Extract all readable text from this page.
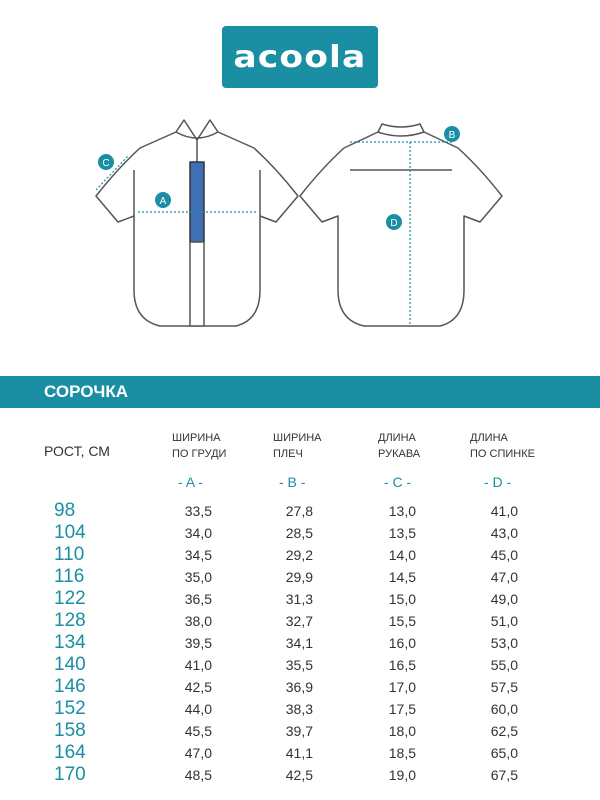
acoola
A
C
B
D
СОРОЧКА
РОСТ, СМ
ШИРИНА
ПО ГРУДИ
ШИРИНА
ПЛЕЧ
ДЛИНА
РУКАВА
ДЛИНА
ПО СПИНКЕ
- A -	- B -	- C -	- D -
98	33,5	27,8	13,0	41,0
104	34,0	28,5	13,5	43,0
110	34,5	29,2	14,0	45,0
116	35,0	29,9	14,5	47,0
122	36,5	31,3	15,0	49,0
128	38,0	32,7	15,5	51,0
134	39,5	34,1	16,0	53,0
140	41,0	35,5	16,5	55,0
146	42,5	36,9	17,0	57,5
152	44,0	38,3	17,5	60,0
158	45,5	39,7	18,0	62,5
164	47,0	41,1	18,5	65,0
170	48,5	42,5	19,0	67,5
